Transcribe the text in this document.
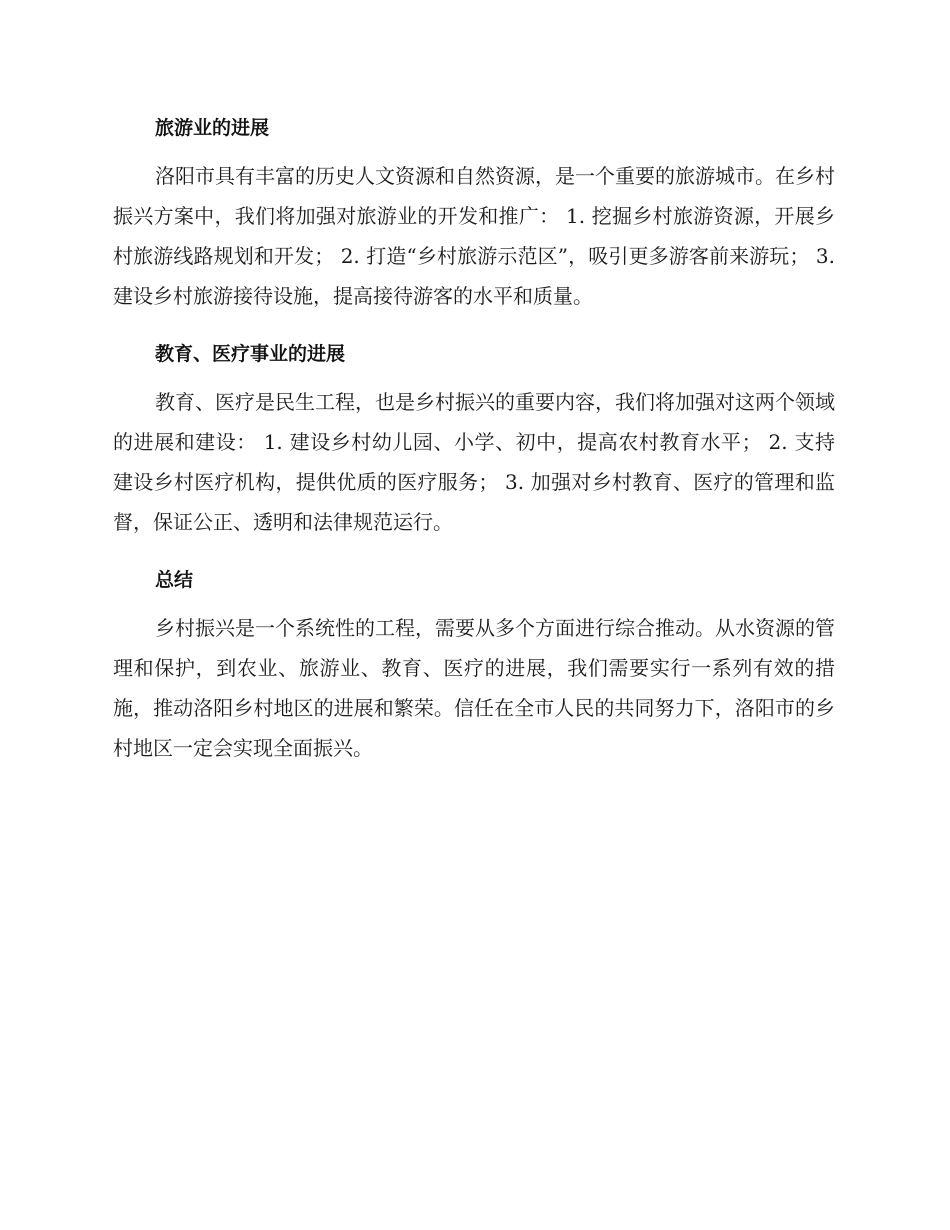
旅游业的进展

洛阳市具有丰富的历史人文资源和自然资源，是一个重要的旅游城市。在乡村振兴方案中，我们将加强对旅游业的开发和推广： 1. 挖掘乡村旅游资源，开展乡村旅游线路规划和开发； 2. 打造“乡村旅游示范区”，吸引更多游客前来游玩； 3. 建设乡村旅游接待设施，提高接待游客的水平和质量。

教育、医疗事业的进展

教育、医疗是民生工程，也是乡村振兴的重要内容，我们将加强对这两个领域的进展和建设： 1. 建设乡村幼儿园、小学、初中，提高农村教育水平； 2. 支持建设乡村医疗机构，提供优质的医疗服务； 3. 加强对乡村教育、医疗的管理和监督，保证公正、透明和法律规范运行。

总结

乡村振兴是一个系统性的工程，需要从多个方面进行综合推动。从水资源的管理和保护，到农业、旅游业、教育、医疗的进展，我们需要实行一系列有效的措施，推动洛阳乡村地区的进展和繁荣。信任在全市人民的共同努力下，洛阳市的乡村地区一定会实现全面振兴。
